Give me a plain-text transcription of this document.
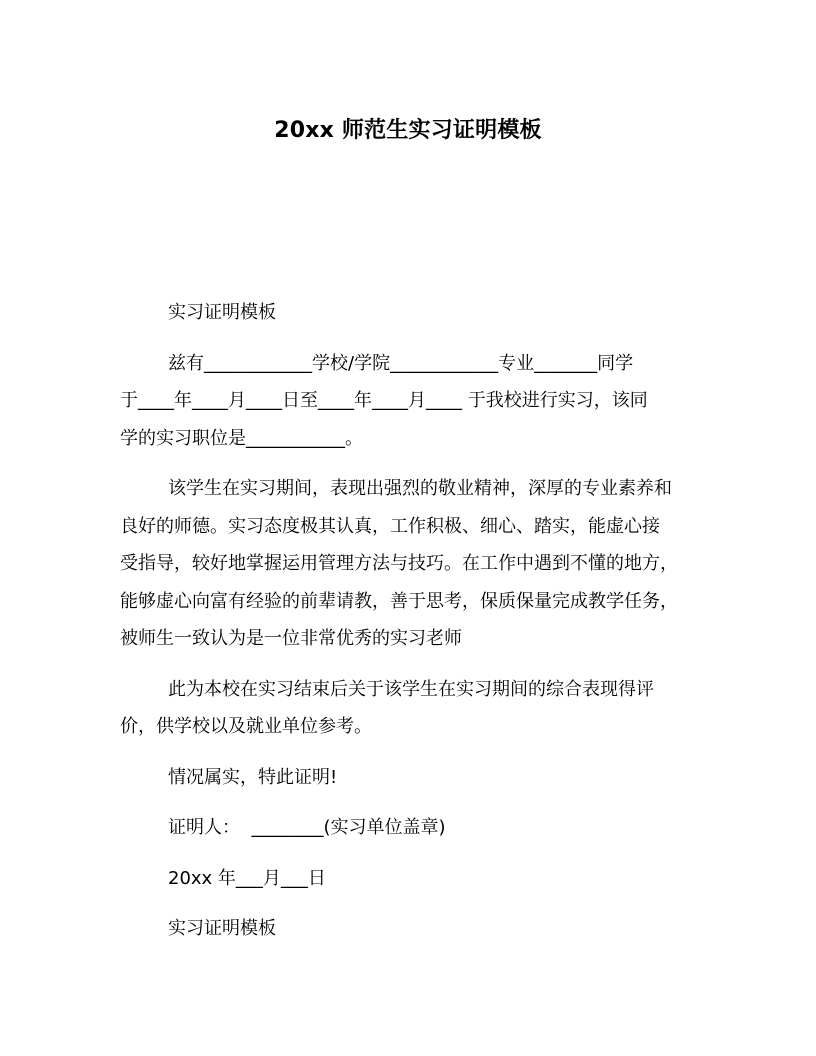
20xx 师范生实习证明模板
实习证明模板
兹有____________学校/学院____________专业_______同学
于____年____月____日至____年____月____ 于我校进行实习，该同
学的实习职位是___________。
该学生在实习期间，表现出强烈的敬业精神，深厚的专业素养和
良好的师德。实习态度极其认真，工作积极、细心、踏实，能虚心接
受指导，较好地掌握运用管理方法与技巧。在工作中遇到不懂的地方，
能够虚心向富有经验的前辈请教，善于思考，保质保量完成教学任务，
被师生一致认为是一位非常优秀的实习老师
此为本校在实习结束后关于该学生在实习期间的综合表现得评
价，供学校以及就业单位参考。
情况属实，特此证明!
证明人：  ________(实习单位盖章)
20xx 年___月___日
实习证明模板
